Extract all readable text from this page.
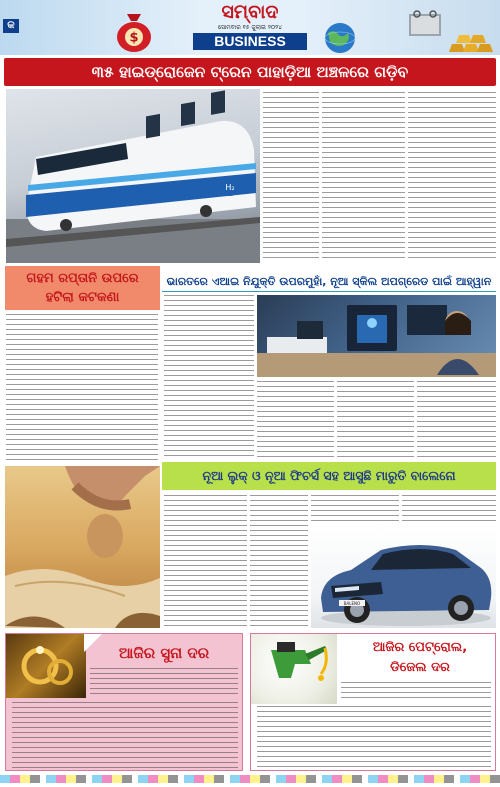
କ
$
ସମ୍ବାଦ
ସୋମବାର ୧୫ ଜୁଲାଇ ୨୦୨୪
BUSINESS
୩୫ ହାଇଡ୍ରୋଜେନ ଟ୍ରେନ ପାହାଡ଼ିଆ ଅଞ୍ଚଳରେ ଗଡ଼ିବ
Stadler | Banner	H₂
ଗହମ ରପ୍ତାନି ଉପରେ
ହଟିଲା କଟକଣା
ଭାରତରେ ଏଆଇ ନିଯୁକ୍ତି ଉପରମୁହାଁ, ନୂଆ ସ୍କିଲ ଅପଗ୍ରେଡ ପାଇଁ ଆହ୍ୱାନ
ନୂଆ ଲୁକ୍‌ ଓ ନୂଆ ଫିଚର୍ସ ସହ ଆସୁଛି ମାରୁତି ବାଲେନୋ
BALENO
ଆଜିର ସୁନା ଦର	ଆଜିର ପେଟ୍ରୋଲ,
ଡିଜେଲ ଦର
